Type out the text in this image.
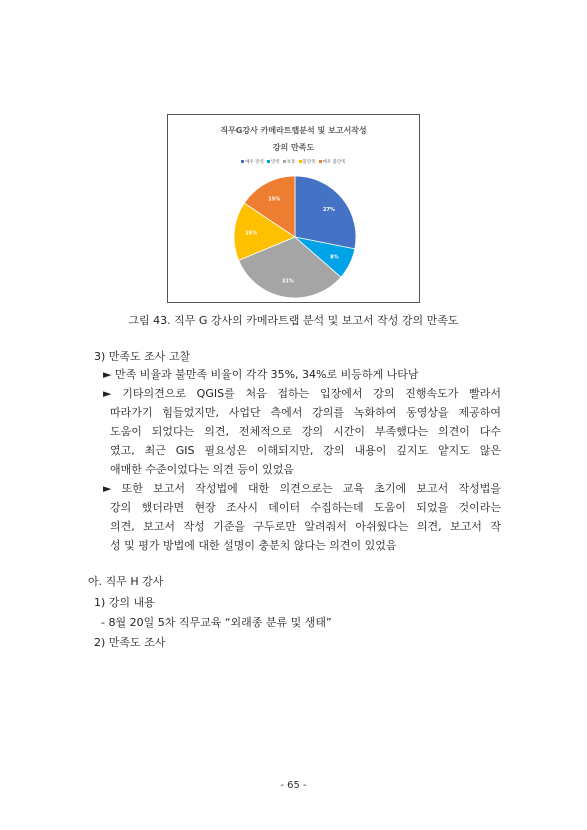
직무G강사 카메라트랩분석 및 보고서작성
강의 만족도
매우 만족 만족 보통 불만족 매우 불만족
27%
8%
31%
15%
15%
그림 43. 직무 G 강사의 카메라트랩 분석 및 보고서 작성 강의 만족도
3) 만족도 조사 고찰
► 만족 비율과 불만족 비율이 각각 35%, 34%로 비등하게 나타남
► 기타의견으로 QGIS를 처음 접하는 입장에서 강의 진행속도가 빨라서
따라가기 힘들었지만, 사업단 측에서 강의를 녹화하여 동영상을 제공하여
도움이 되었다는 의견, 전체적으로 강의 시간이 부족했다는 의견이 다수
였고, 최근 GIS 필요성은 이해되지만, 강의 내용이 깊지도 얕지도 않은
애매한 수준이었다는 의견 등이 있었음
► 또한 보고서 작성법에 대한 의견으로는 교육 초기에 보고서 작성법을
강의 했더라면 현장 조사시 데이터 수집하는데 도움이 되었을 것이라는
의견, 보고서 작성 기준을 구두로만 알려줘서 아쉬웠다는 의견, 보고서 작
성 및 평가 방법에 대한 설명이 충분치 않다는 의견이 있었음
아. 직무 H 강사
1) 강의 내용
- 8월 20일 5차 직무교육 “외래종 분류 및 생태”
2) 만족도 조사
- 65 -
